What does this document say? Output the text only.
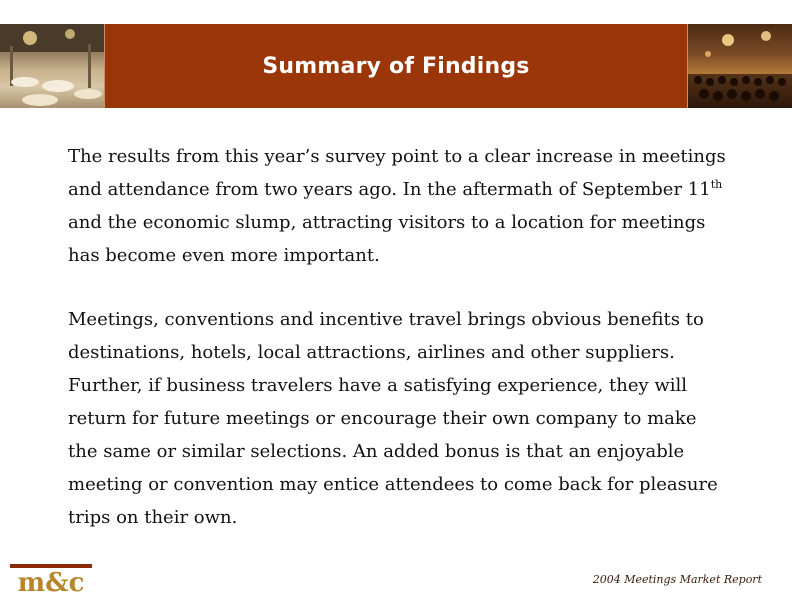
Summary of Findings

The results from this year’s survey point to a clear increase in meetings and attendance from two years ago. In the aftermath of September 11th and the economic slump, attracting visitors to a location for meetings has become even more important.

Meetings, conventions and incentive travel brings obvious benefits to destinations, hotels, local attractions, airlines and other suppliers. Further, if business travelers have a satisfying experience, they will return for future meetings or encourage their own company to make the same or similar selections. An added bonus is that an enjoyable meeting or convention may entice attendees to come back for pleasure trips on their own.

m&c	2004 Meetings Market Report
